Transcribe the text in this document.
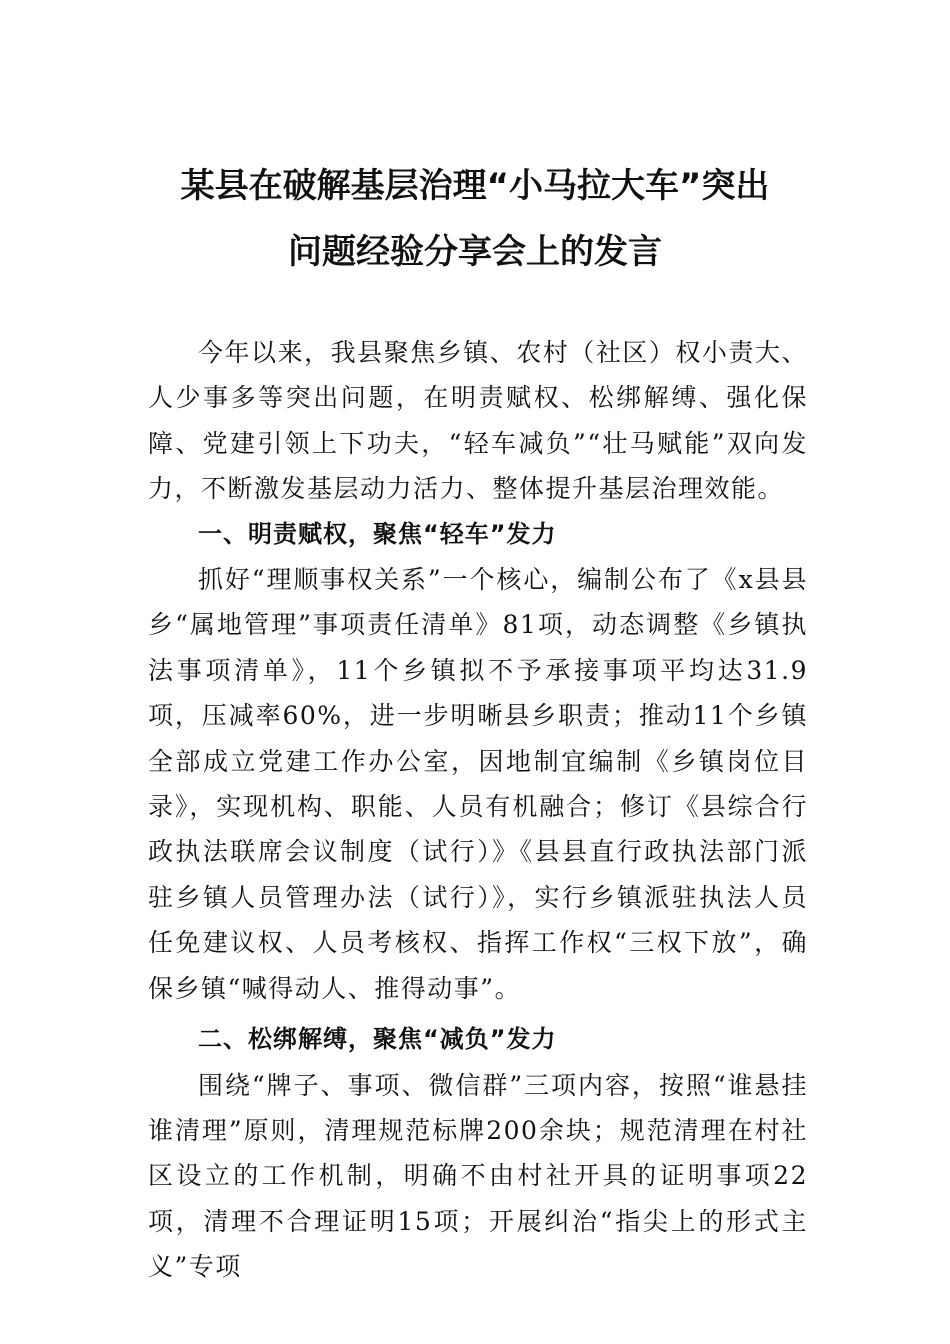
某县在破解基层治理“小马拉大车”突出
问题经验分享会上的发言

今年以来，我县聚焦乡镇、农村（社区）权小责大、人少事多等突出问题，在明责赋权、松绑解缚、强化保障、党建引领上下功夫，“轻车减负”“壮马赋能”双向发力，不断激发基层动力活力、整体提升基层治理效能。

一、明责赋权，聚焦“轻车”发力

抓好“理顺事权关系”一个核心，编制公布了《x县县乡“属地管理”事项责任清单》81项，动态调整《乡镇执法事项清单》，11个乡镇拟不予承接事项平均达31.9项，压减率60%，进一步明晰县乡职责；推动11个乡镇全部成立党建工作办公室，因地制宜编制《乡镇岗位目录》，实现机构、职能、人员有机融合；修订《县综合行政执法联席会议制度（试行）》《县县直行政执法部门派驻乡镇人员管理办法（试行）》，实行乡镇派驻执法人员任免建议权、人员考核权、指挥工作权“三权下放”，确保乡镇“喊得动人、推得动事”。

二、松绑解缚，聚焦“减负”发力

围绕“牌子、事项、微信群”三项内容，按照“谁悬挂谁清理”原则，清理规范标牌200余块；规范清理在村社区设立的工作机制，明确不由村社开具的证明事项22项，清理不合理证明15项；开展纠治“指尖上的形式主义”专项
